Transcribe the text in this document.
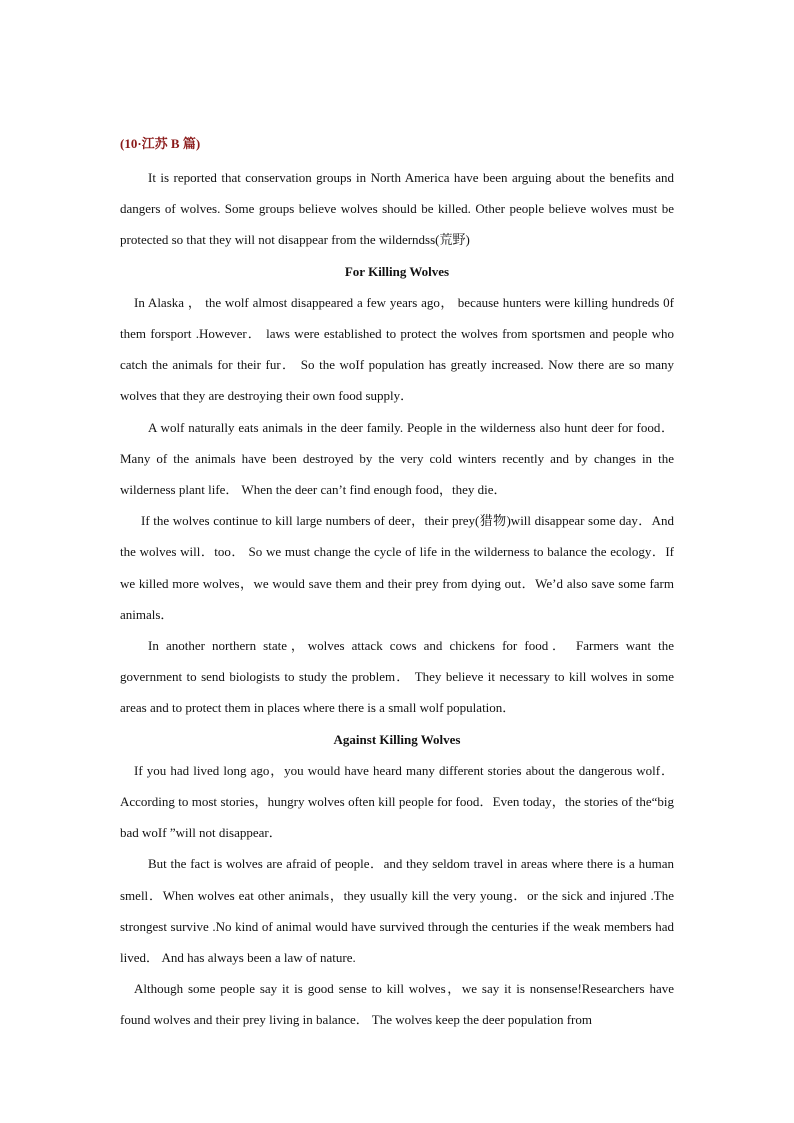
(10·江苏 B 篇)

It is reported that conservation groups in North America have been arguing about the benefits and dangers of wolves. Some groups believe wolves should be killed. Other people believe wolves must be protected so that they will not disappear from the wilderndss(荒野)

For Killing Wolves

In Alaska ， the wolf almost disappeared a few years ago， because hunters were killing hundreds 0f them forsport .However． laws were established to protect the wolves from sportsmen and people who catch the animals for their fur． So the woIf population has greatly increased. Now there are so many wolves that they are destroying their own food supply．

A wolf naturally eats animals in the deer family. People in the wilderness also hunt deer for food．Many of the animals have been destroyed by the very cold winters recently and by changes in the wilderness plant life． When the deer can’t find enough food，they die．

If the wolves continue to kill large numbers of deer，their prey(猎物)will disappear some day．And the wolves will．too． So we must change the cycle of life in the wilderness to balance the ecology．If we killed more wolves，we would save them and their prey from dying out．We’d also save some farm animals．

In another northern state，wolves attack cows and chickens for food． Farmers want the government to send biologists to study the problem． They believe it necessary to kill wolves in some areas and to protect them in places where there is a small wolf population．

Against Killing Wolves

If you had lived long ago，you would have heard many different stories about the dangerous wolf． According to most stories，hungry wolves often kill people for food．Even today，the stories of the“big bad woIf ”will not disappear．

But the fact is wolves are afraid of people．and they seldom travel in areas where there is a human smell．When wolves eat other animals，they usually kill the very young．or the sick and injured .The strongest survive .No kind of animal would have survived through the centuries if the weak members had lived． And has always been a law of nature.

Although some people say it is good sense to kill wolves，we say it is nonsense!Researchers have found wolves and their prey living in balance． The wolves keep the deer population from
